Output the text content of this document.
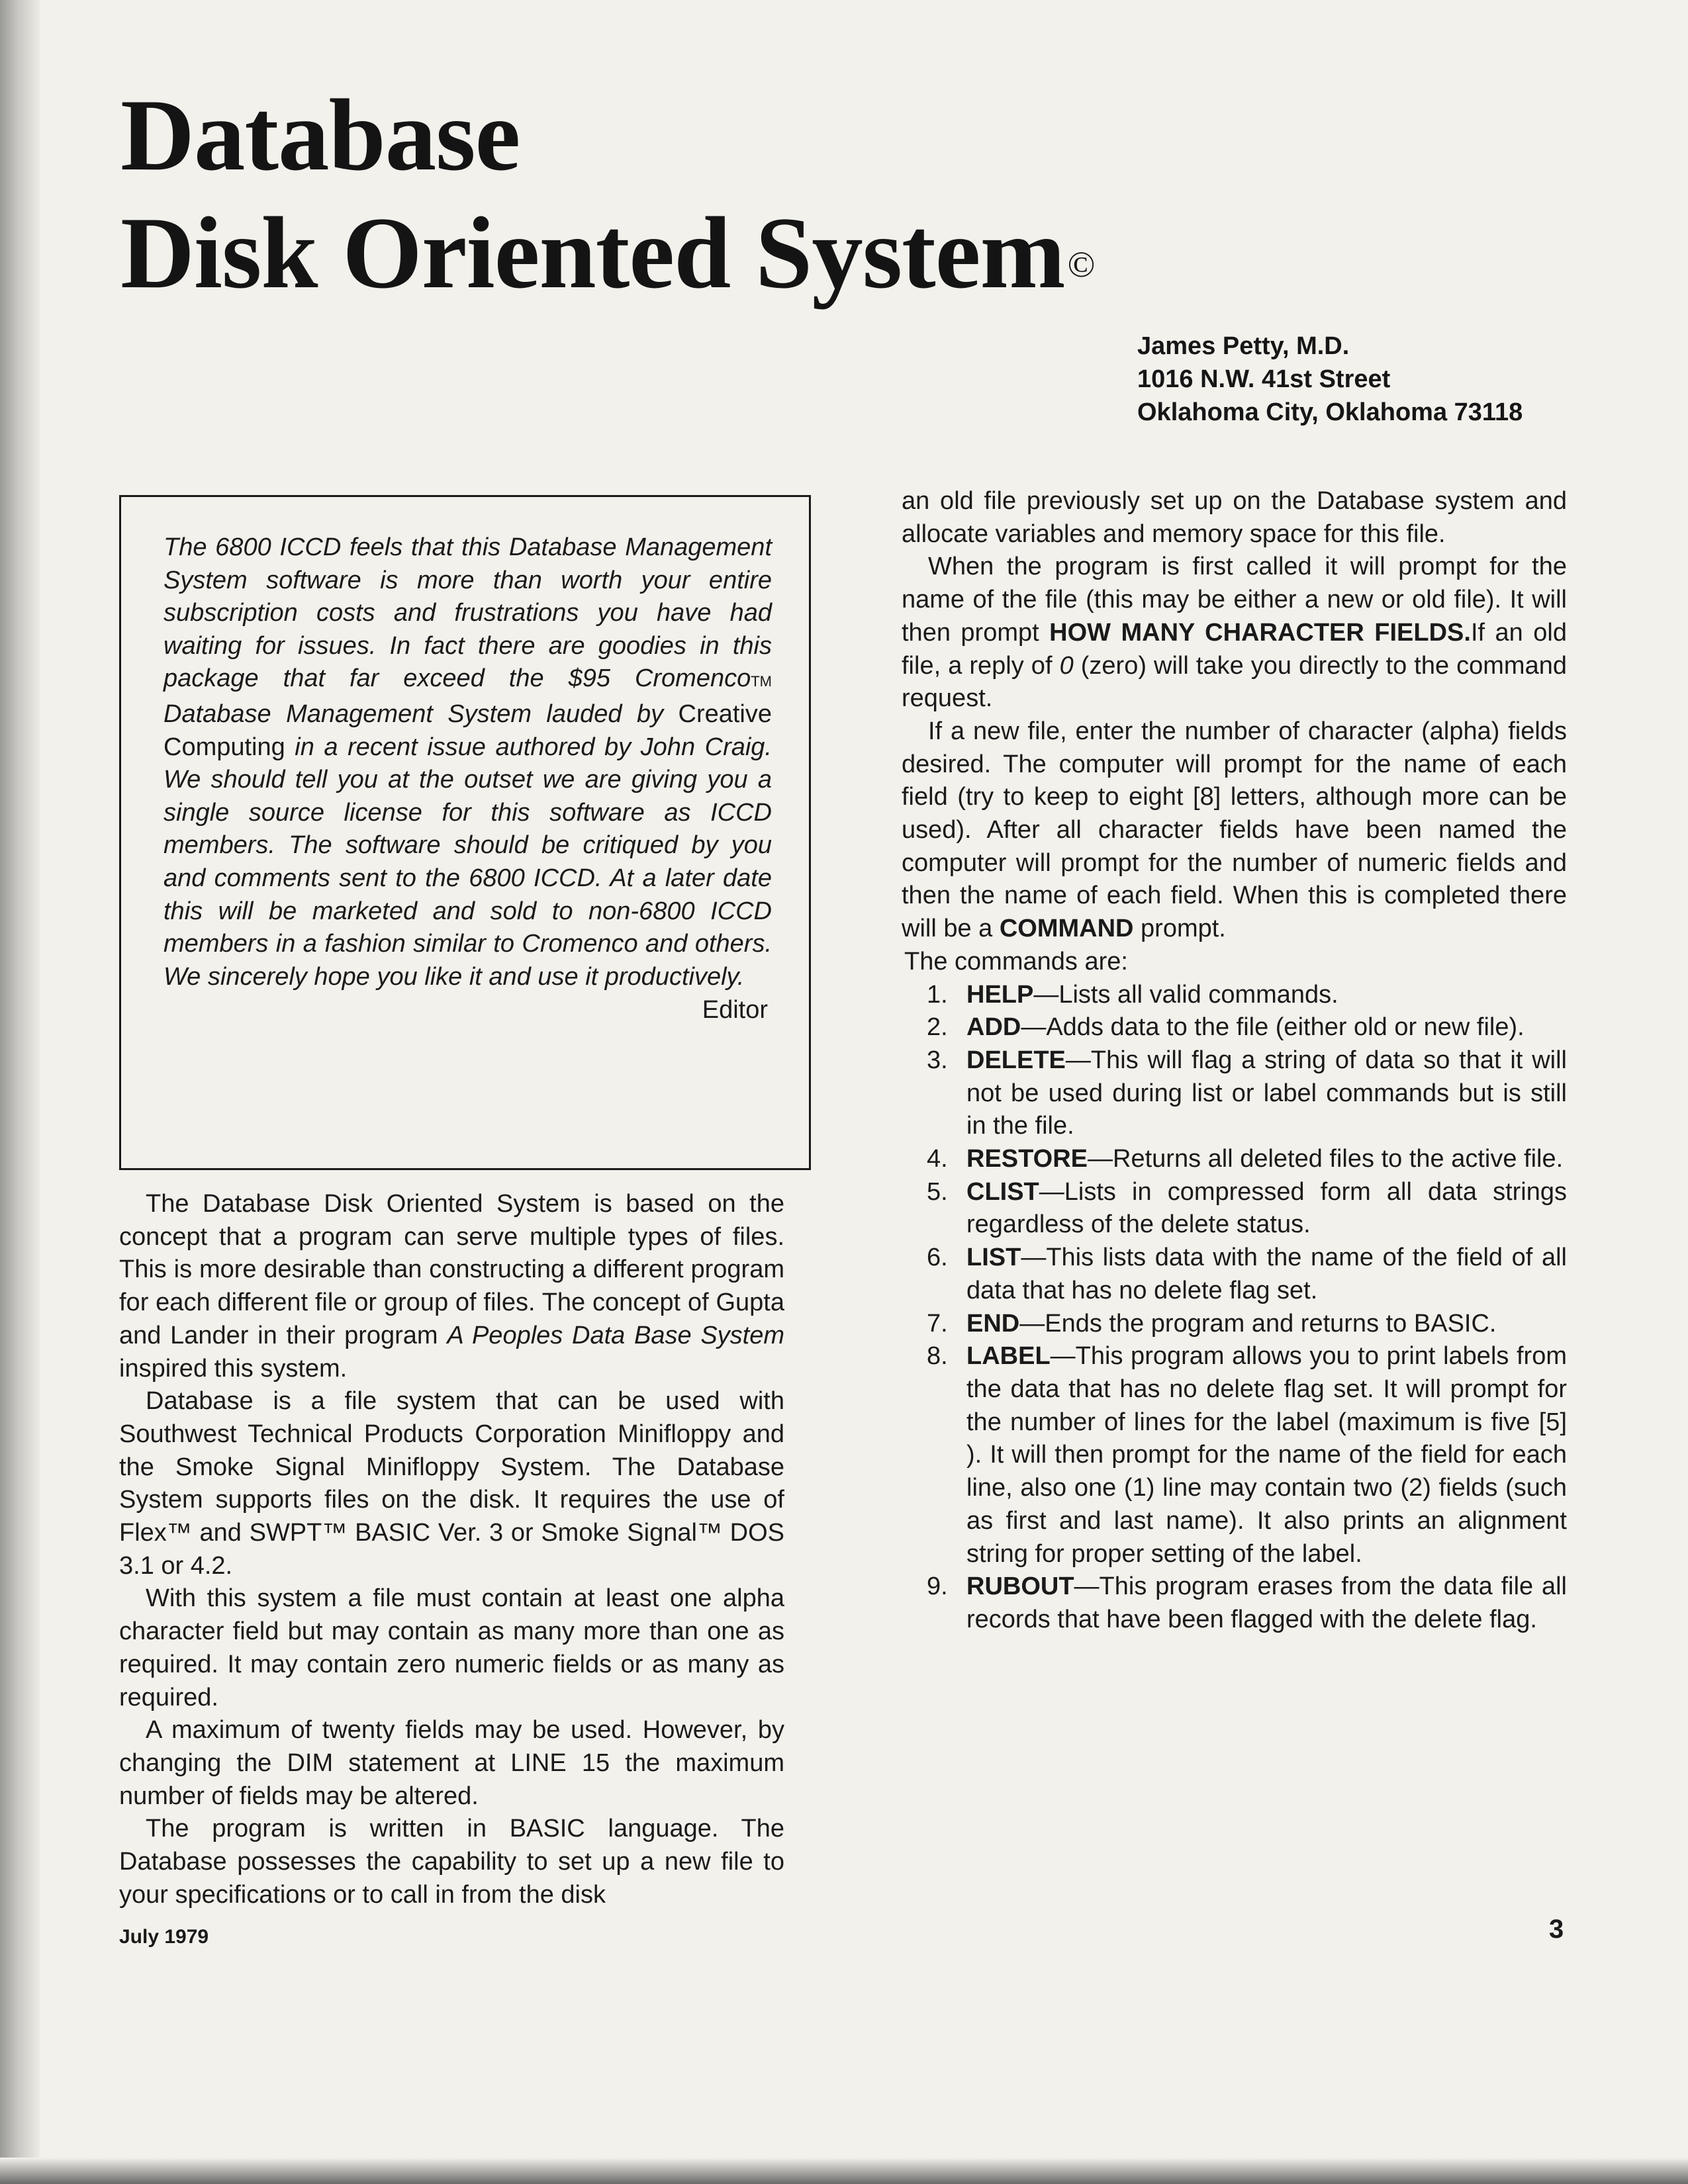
Database
Disk Oriented System©
James Petty, M.D.
1016 N.W. 41st Street
Oklahoma City, Oklahoma 73118

The 6800 ICCD feels that this Database Management System software is more than worth your entire subscription costs and frustrations you have had waiting for issues. In fact there are goodies in this package that far exceed the $95 CromencoTM Database Management System lauded by Creative Computing in a recent issue authored by John Craig. We should tell you at the outset we are giving you a single source license for this software as ICCD members. The software should be critiqued by you and comments sent to the 6800 ICCD. At a later date this will be marketed and sold to non-6800 ICCD members in a fashion similar to Cromenco and others. We sincerely hope you like it and use it productively.

Editor

The Database Disk Oriented System is based on the concept that a program can serve multiple types of files. This is more desirable than constructing a different program for each different file or group of files. The concept of Gupta and Lander in their program A Peoples Data Base System inspired this system.

Database is a file system that can be used with Southwest Technical Products Corporation Minifloppy and the Smoke Signal Minifloppy System. The Database System supports files on the disk. It requires the use of Flex™ and SWPT™ BASIC Ver. 3 or Smoke Signal™ DOS 3.1 or 4.2.

With this system a file must contain at least one alpha character field but may contain as many more than one as required. It may contain zero numeric fields or as many as required.

A maximum of twenty fields may be used. However, by changing the DIM statement at LINE 15 the maximum number of fields may be altered.

The program is written in BASIC language. The Database possesses the capability to set up a new file to your specifications or to call in from the disk

an old file previously set up on the Database system and allocate variables and memory space for this file.

When the program is first called it will prompt for the name of the file (this may be either a new or old file). It will then prompt HOW MANY CHARACTER FIELDS.If an old file, a reply of 0 (zero) will take you directly to the command request.

If a new file, enter the number of character (alpha) fields desired. The computer will prompt for the name of each field (try to keep to eight [8] letters, although more can be used). After all character fields have been named the computer will prompt for the number of numeric fields and then the name of each field. When this is completed there will be a COMMAND prompt.

The commands are:

1. HELP—Lists all valid commands.
2. ADD—Adds data to the file (either old or new file).
3. DELETE—This will flag a string of data so that it will not be used during list or label commands but is still in the file.
4. RESTORE—Returns all deleted files to the active file.
5. CLIST—Lists in compressed form all data strings regardless of the delete status.
6. LIST—This lists data with the name of the field of all data that has no delete flag set.
7. END—Ends the program and returns to BASIC.
8. LABEL—This program allows you to print labels from the data that has no delete flag set. It will prompt for the number of lines for the label (maximum is five [5] ). It will then prompt for the name of the field for each line, also one (1) line may contain two (2) fields (such as first and last name). It also prints an alignment string for proper setting of the label.
9. RUBOUT—This program erases from the data file all records that have been flagged with the delete flag.
July 1979	3
